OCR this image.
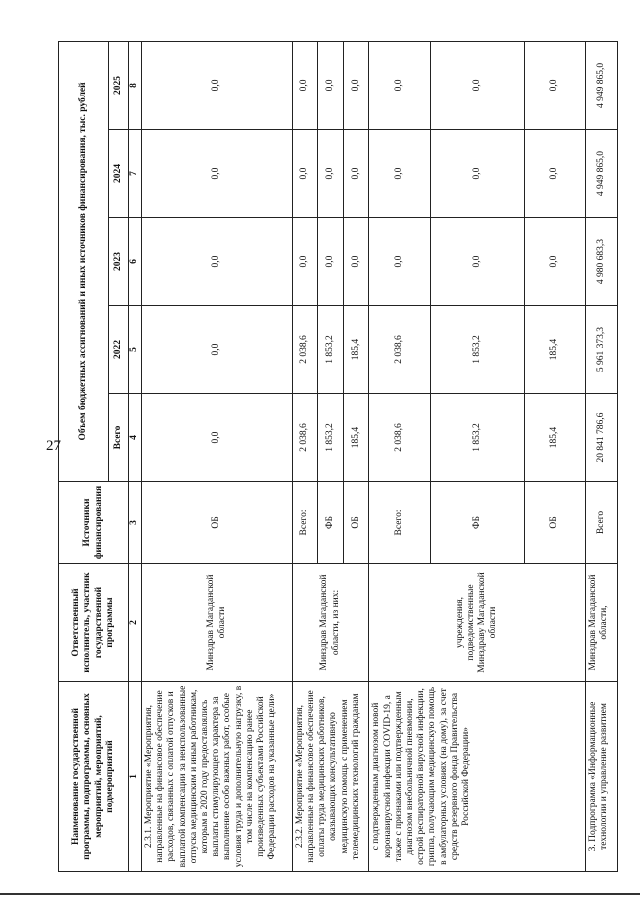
27
Наименование государственной программы, подпрограммы, основных мероприятий, мероприятий, подмероприятий	Ответственный исполнитель, участник государственной программы	Источники финансирования	Объем бюджетных ассигнований и иных источников финансирования, тыс. рублей				
			Всего	2022	2023	2024	2025
1	2	3	4	5	6	7	8
2.3.1. Мероприятие «Мероприятия, направленные на финансовое обеспечение расходов, связанных с оплатой отпусков и выплатой компенсации за неиспользованные отпуска медицинским и иным работникам, которым в 2020 году предоставлялись выплаты стимулирующего характера за выполнение особо важных работ, особые условия труда и дополнительную нагрузку, в том числе на компенсацию ранее произведенных субъектами Российской Федерации расходов на указанные цели»	Минздрав Магаданской области	ОБ	0,0	0,0	0,0	0,0	0,0
2.3.2. Мероприятие «Мероприятия, направленные на финансовое обеспечение оплаты труда медицинских работников, оказывающих консультативную медицинскую помощь с применением телемедицинских технологий гражданам	Минздрав Магаданской области, из них:	Всего:	2 038,6	2 038,6	0,0	0,0	0,0
		ФБ	1 853,2	1 853,2	0,0	0,0	0,0
		ОБ	185,4	185,4	0,0	0,0	0,0
с подтвержденным диагнозом новой коронавирусной инфекции COVID-19, а также с признаками или подтвержденным диагнозом внебольничной пневмонии, острой респираторной вирусной инфекции, гриппа, получающим медицинскую помощь в амбулаторных условиях (на дому), за счет средств резервного фонда Правительства Российской Федерации»	учреждения, подведомственные Минздраву Магаданской области	Всего:	2 038,6	2 038,6	0,0	0,0	0,0
		ФБ	1 853,2	1 853,2	0,0	0,0	0,0
		ОБ	185,4	185,4	0,0	0,0	0,0
3. Подпрограмма «Информационные технологии и управление развитием	Минздрав Магаданской области,	Всего	20 841 786,6	5 961 373,3	4 980 683,3	4 949 865,0	4 949 865,0
